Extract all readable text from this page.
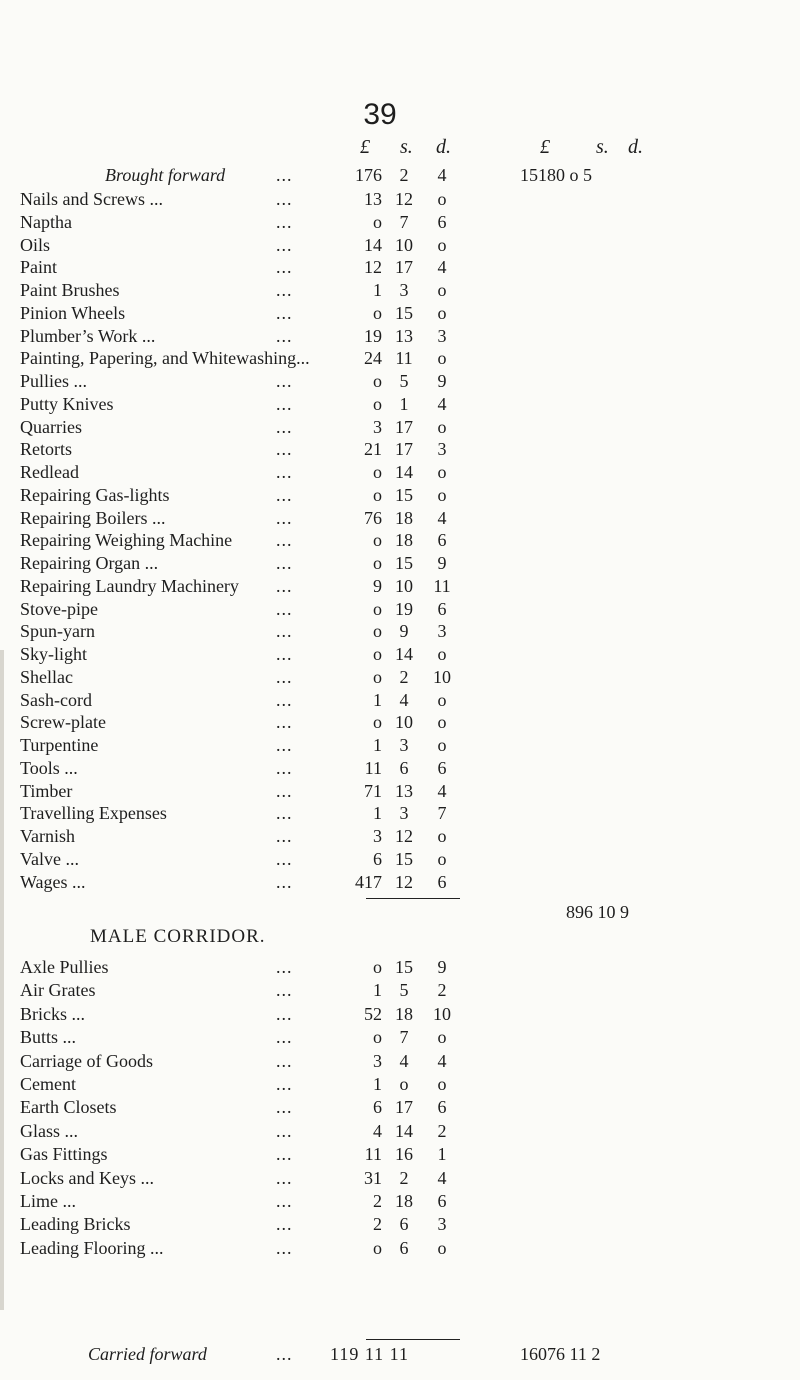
39
£ s. d.	£ s. d.
Brought forward	...	176 2	4	15180 o 5
Nails and Screws ...	...	13 12	o
Naptha	...	o 7	6
Oils	...	14 10	o
Paint	...	12 17	4
Paint Brushes	...	1 3	o
Pinion Wheels	...	o 15	o
Plumber’s Work ...	...	19 13	3
Painting, Papering, and Whitewashing...	24 11	o
Pullies ...	...	o 5	9
Putty Knives	...	o 1	4
Quarries	...	3 17	o
Retorts	...	21 17	3
Redlead	...	o 14	o
Repairing Gas-lights	...	o 15	o
Repairing Boilers ...	...	76 18	4
Repairing Weighing Machine ...	o 18	6
Repairing Organ ...	...	o 15	9
Repairing Laundry Machinery ...	9 10	11
Stove-pipe	...	o 19	6
Spun-yarn	...	o 9	3
Sky-light	...	o 14	o
Shellac	...	o 2	10
Sash-cord	...	1 4	o
Screw-plate	...	o 10	o
Turpentine	...	1 3	o
Tools ...	...	11 6	6
Timber	...	71 13	4
Travelling Expenses	...	1 3	7
Varnish	...	3 12	o
Valve ...	...	6 15	o
Wages ...	...	417 12	6
896 10 9
MALE CORRIDOR.
Axle Pullies	...	o 15	9
Air Grates	...	1 5	2
Bricks ...	...	52 18	10
Butts ...	...	o 7	o
Carriage of Goods	...	3 4	4
Cement	...	1 o	o
Earth Closets	...	6 17	6
Glass ...	...	4 14	2
Gas Fittings	...	11 16	1
Locks and Keys ...	...	31 2	4
Lime ...	...	2 18	6
Leading Bricks	...	2 6	3
Leading Flooring ...	...	o 6	o
Carried forward	...	119 11 11	16076 11 2
